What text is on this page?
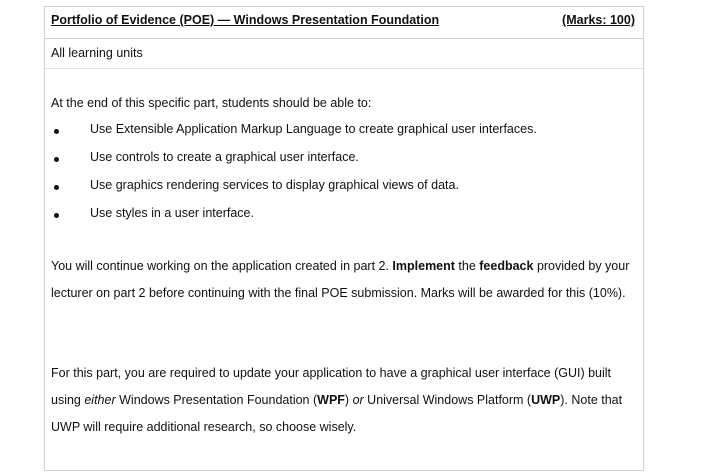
Portfolio of Evidence (POE) — Windows Presentation Foundation	(Marks: 100)
All learning units
At the end of this specific part, students should be able to:
Use Extensible Application Markup Language to create graphical user interfaces.
Use controls to create a graphical user interface.
Use graphics rendering services to display graphical views of data.
Use styles in a user interface.
You will continue working on the application created in part 2. Implement the feedback provided by your lecturer on part 2 before continuing with the final POE submission. Marks will be awarded for this (10%).
For this part, you are required to update your application to have a graphical user interface (GUI) built using either Windows Presentation Foundation (WPF) or Universal Windows Platform (UWP). Note that UWP will require additional research, so choose wisely.
